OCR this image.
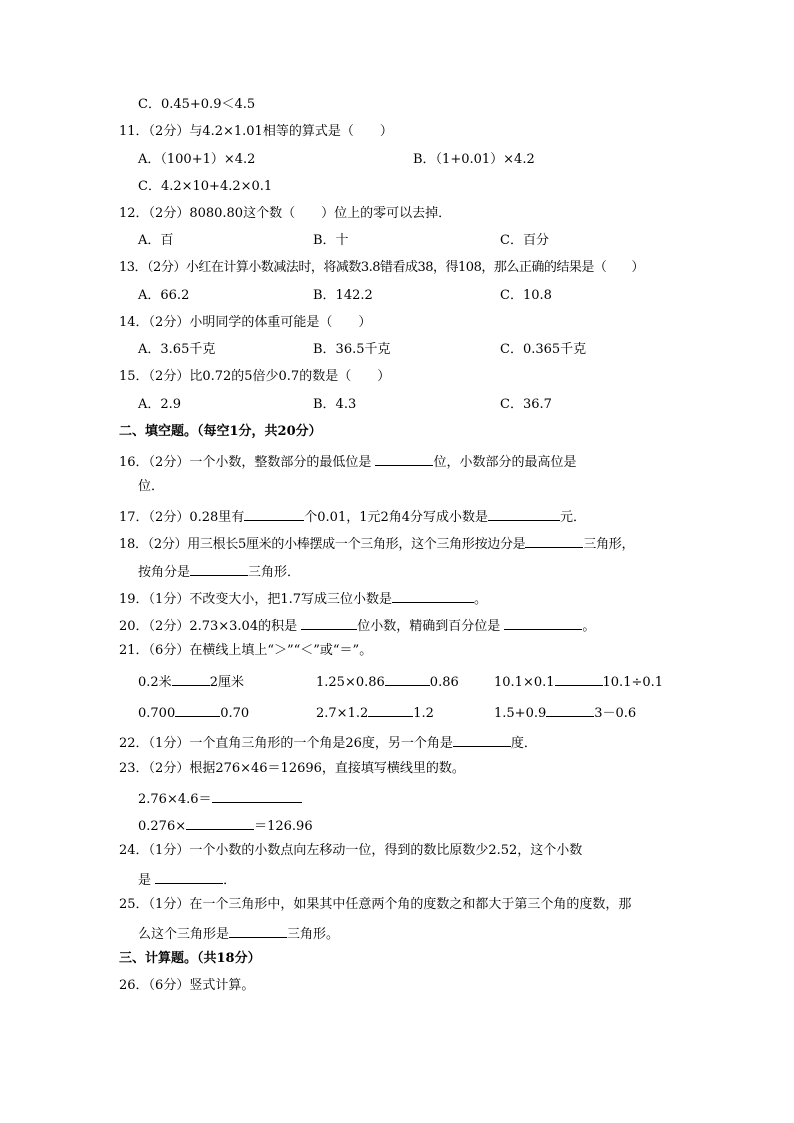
C．0.45+0.9＜4.5
11．（2分）与4.2×1.01相等的算式是（　　）
A．（100+1）×4.2	B．（1+0.01）×4.2
C．4.2×10+4.2×0.1
12．（2分）8080.80这个数（　　）位上的零可以去掉．
A．百	B．十	C．百分
13．（2分）小红在计算小数减法时，将减数3.8错看成38，得108，那么正确的结果是（　　）
A．66.2	B．142.2	C．10.8
14．（2分）小明同学的体重可能是（　　）
A．3.65千克	B．36.5千克	C．0.365千克
15．（2分）比0.72的5倍少0.7的数是（　　）
A．2.9	B．4.3	C．36.7
二、填空题。（每空1分，共20分）
16．（2分）一个小数，整数部分的最低位是	位，小数部分的最高位是
位．
17．（2分）0.28里有	个0.01，1元2角4分写成小数是	元．
18．（2分）用三根长5厘米的小棒摆成一个三角形，这个三角形按边分是	三角形，
按角分是	三角形．
19．（1分）不改变大小，把1.7写成三位小数是	。
20．（2分）2.73×3.04的积是	位小数，精确到百分位是	。
21．（6分）在横线上填上“＞”“＜”或“＝”。
0.2米	2厘米	1.25×0.86	0.86	10.1×0.1	10.1÷0.1
0.700	0.70	2.7×1.2	1.2	1.5+0.9	3－0.6
22．（1分）一个直角三角形的一个角是26度，另一个角是	度．
23．（2分）根据276×46＝12696，直接填写横线里的数。
2.76×4.6＝
0.276×	＝126.96
24．（1分）一个小数的小数点向左移动一位，得到的数比原数少2.52，这个小数
是	．
25．（1分）在一个三角形中，如果其中任意两个角的度数之和都大于第三个角的度数，那
么这个三角形是	三角形。
三、计算题。（共18分）
26．（6分）竖式计算。
